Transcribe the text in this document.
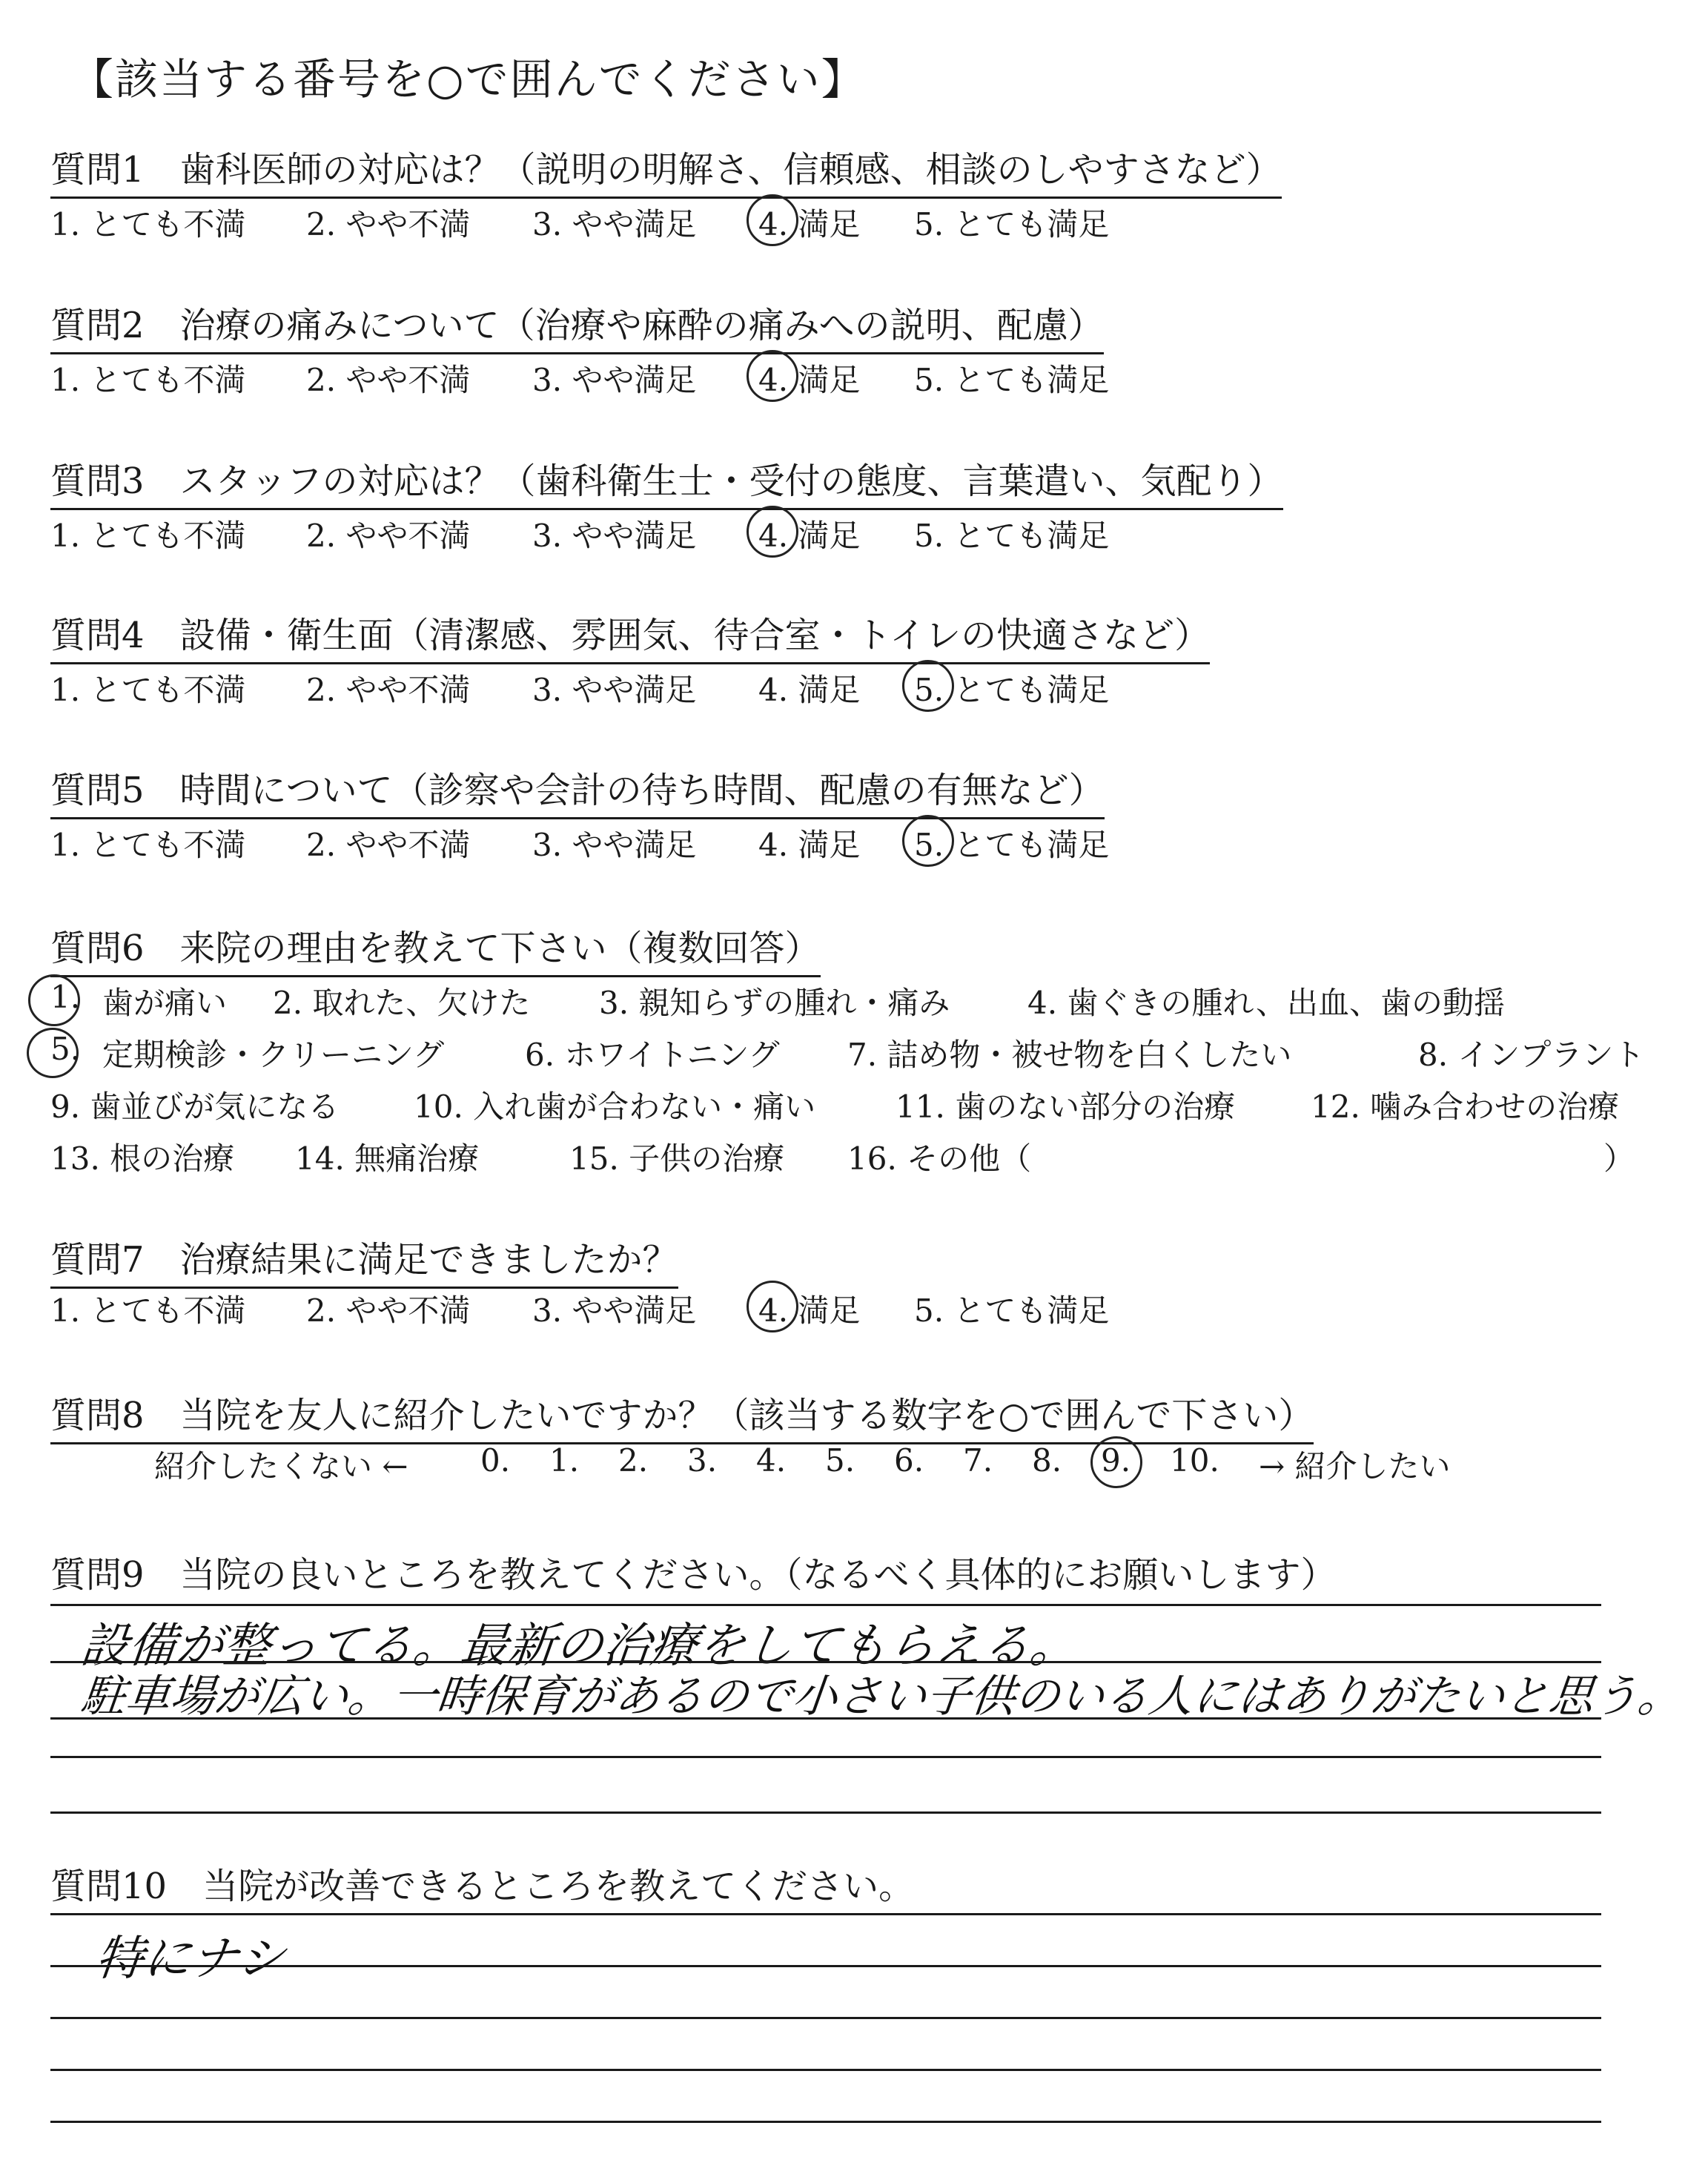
【該当する番号を○で囲んでください】
質問1　歯科医師の対応は？（説明の明解さ、信頼感、相談のしやすさなど）
1. とても不満 2. やや不満 3. やや満足 4. 満足 5. とても満足
質問2　治療の痛みについて（治療や麻酔の痛みへの説明、配慮）
1. とても不満 2. やや不満 3. やや満足 4. 満足 5. とても満足
質問3　スタッフの対応は？（歯科衛生士・受付の態度、言葉遣い、気配り）
1. とても不満 2. やや不満 3. やや満足 4. 満足 5. とても満足
質問4　設備・衛生面（清潔感、雰囲気、待合室・トイレの快適さなど）
1. とても不満 2. やや不満 3. やや満足 4. 満足 5. とても満足
質問5　時間について（診察や会計の待ち時間、配慮の有無など）
1. とても不満 2. やや不満 3. やや満足 4. 満足 5. とても満足
質問6　来院の理由を教えて下さい（複数回答）
1. 歯が痛い 2. 取れた、欠けた 3. 親知らずの腫れ・痛み 4. 歯ぐきの腫れ、出血、歯の動揺
5. 定期検診・クリーニング	6. ホワイトニング 7. 詰め物・被せ物を白くしたい	8. インプラント
9. 歯並びが気になる 10. 入れ歯が合わない・痛い	11. 歯のない部分の治療 12. 噛み合わせの治療
13. 根の治療 14. 無痛治療	15. 子供の治療 16. その他（	）
質問7　治療結果に満足できましたか？
1. とても不満 2. やや不満 3. やや満足 4. 満足 5. とても満足
質問8　当院を友人に紹介したいですか？（該当する数字を○で囲んで下さい）
紹介したくない ← 0. 1. 2. 3. 4. 5. 6. 7. 8. 9. 10. → 紹介したい
質問9　当院の良いところを教えてください。（なるべく具体的にお願いします）
設備が整ってる。最新の治療をしてもらえる。
駐車場が広い。一時保育があるので小さい子供のいる人にはありがたいと思う。
質問10　当院が改善できるところを教えてください。
特にナシ
